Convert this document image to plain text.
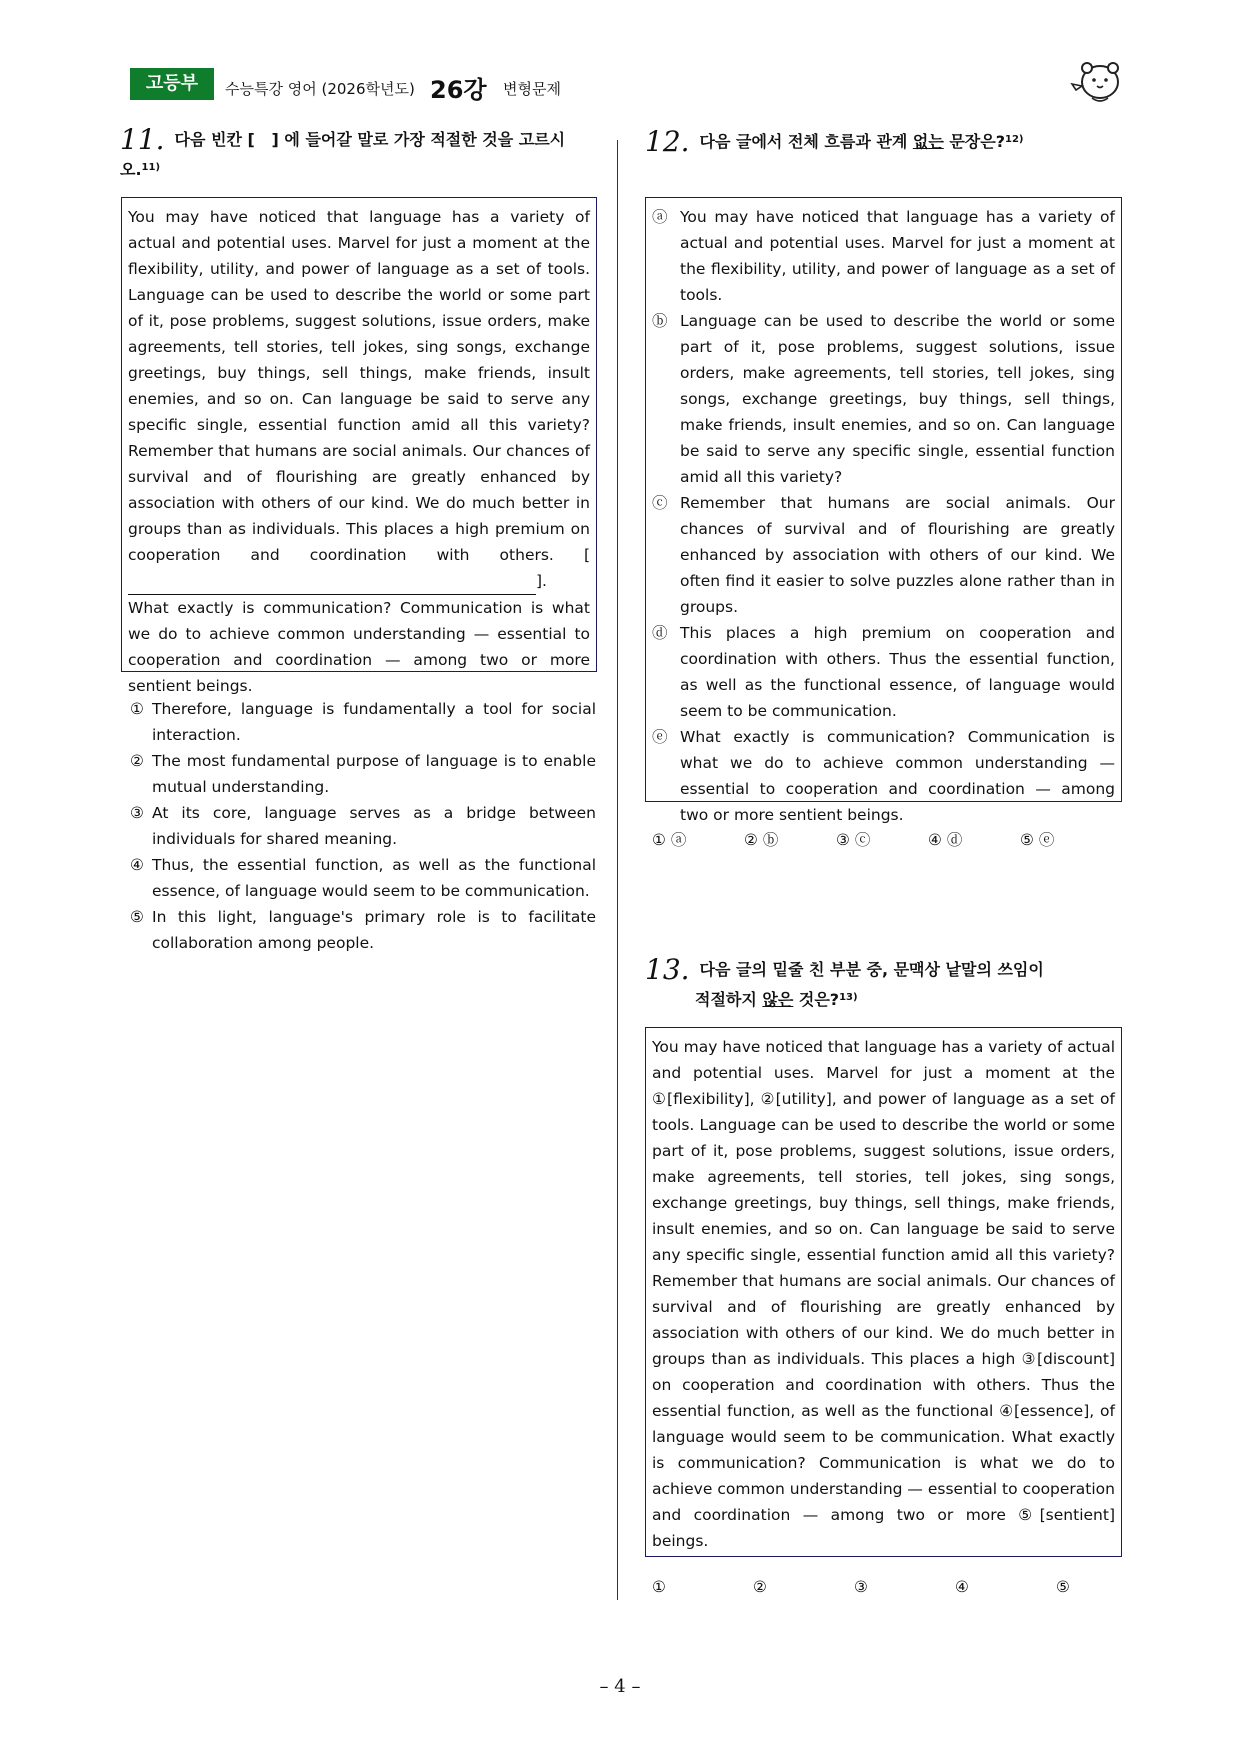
고등부	수능특강 영어 (2026학년도) 26강 변형문제
11. 다음 빈칸 [ ] 에 들어갈 말로 가장 적절한 것을 고르시오.$^{11)}$

You may have noticed that language has a variety of actual and potential uses. Marvel for just a moment at the flexibility, utility, and power of language as a set of tools. Language can be used to describe the world or some part of it, pose problems, suggest solutions, issue orders, make agreements, tell stories, tell jokes, sing songs, exchange greetings, buy things, sell things, make friends, insult enemies, and so on. Can language be said to serve any specific single, essential function amid all this variety? Remember that humans are social animals. Our chances of survival and of flourishing are greatly enhanced by association with others of our kind. We do much better in groups than as individuals. This places a high premium on cooperation and coordination with others. [ ]. What exactly is communication? Communication is what we do to achieve common understanding — essential to cooperation and coordination — among two or more sentient beings.

① Therefore, language is fundamentally a tool for social interaction.
② The most fundamental purpose of language is to enable mutual understanding.
③ At its core, language serves as a bridge between individuals for shared meaning.
④ Thus, the essential function, as well as the functional essence, of language would seem to be communication.
⑤ In this light, language's primary role is to facilitate collaboration among people.
12. 다음 글에서 전체 흐름과 관계 없는 문장은?$^{12)}$
ⓐ You may have noticed that language has a variety of actual and potential uses. Marvel for just a moment at the flexibility, utility, and power of language as a set of tools.
ⓑ Language can be used to describe the world or some part of it, pose problems, suggest solutions, issue orders, make agreements, tell stories, tell jokes, sing songs, exchange greetings, buy things, sell things, make friends, insult enemies, and so on. Can language be said to serve any specific single, essential function amid all this variety?
ⓒ Remember that humans are social animals. Our chances of survival and of flourishing are greatly enhanced by association with others of our kind. We often find it easier to solve puzzles alone rather than in groups.
ⓓ This places a high premium on cooperation and coordination with others. Thus the essential function, as well as the functional essence, of language would seem to be communication.
ⓔ What exactly is communication? Communication is what we do to achieve common understanding — essential to cooperation and coordination — among two or more sentient beings.
① ⓐ	② ⓑ	③ ⓒ	④ ⓓ	⑤ ⓔ
13. 다음 글의 밑줄 친 부분 중, 문맥상 낱말의 쓰임이
적절하지 않은 것은?$^{13)}$

You may have noticed that language has a variety of actual and potential uses. Marvel for just a moment at the ①[flexibility], ②[utility], and power of language as a set of tools. Language can be used to describe the world or some part of it, pose problems, suggest solutions, issue orders, make agreements, tell stories, tell jokes, sing songs, exchange greetings, buy things, sell things, make friends, insult enemies, and so on. Can language be said to serve any specific single, essential function amid all this variety? Remember that humans are social animals. Our chances of survival and of flourishing are greatly enhanced by association with others of our kind. We do much better in groups than as individuals. This places a high ③[discount] on cooperation and coordination with others. Thus the essential function, as well as the functional ④[essence], of language would seem to be communication. What exactly is communication? Communication is what we do to achieve common understanding — essential to cooperation and coordination — among two or more ⑤[sentient] beings.

①	②	③	④	⑤
– 4 –
